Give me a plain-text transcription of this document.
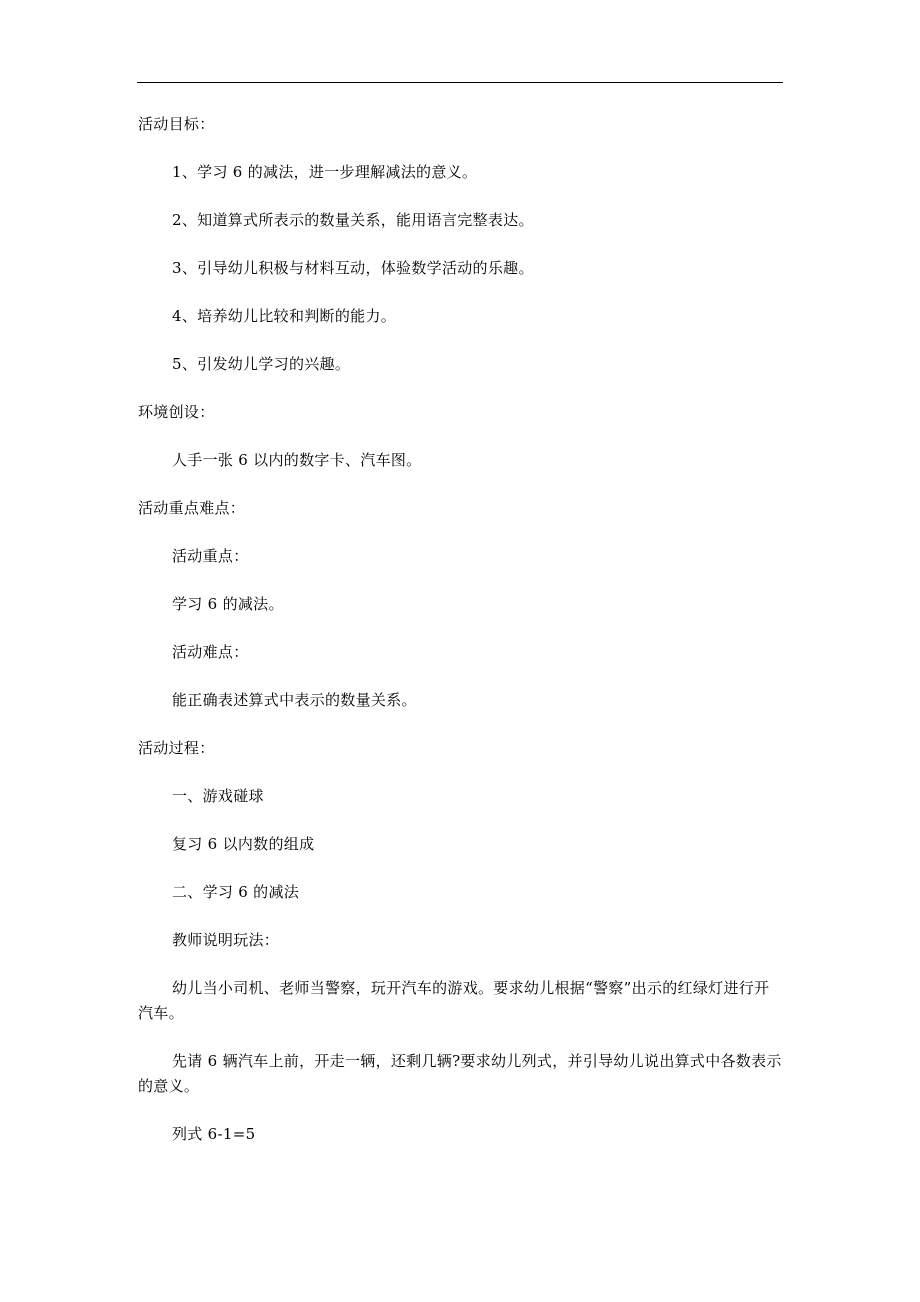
活动目标：

1、学习 6 的减法，进一步理解减法的意义。

2、知道算式所表示的数量关系，能用语言完整表达。

3、引导幼儿积极与材料互动，体验数学活动的乐趣。

4、培养幼儿比较和判断的能力。

5、引发幼儿学习的兴趣。

环境创设：

人手一张 6 以内的数字卡、汽车图。

活动重点难点：

活动重点：

学习 6 的减法。

活动难点：

能正确表述算式中表示的数量关系。

活动过程：

一、游戏碰球

复习 6 以内数的组成

二、学习 6 的减法

教师说明玩法：

幼儿当小司机、老师当警察，玩开汽车的游戏。要求幼儿根据“警察”出示的红绿灯进行开汽车。

先请 6 辆汽车上前，开走一辆，还剩几辆?要求幼儿列式，并引导幼儿说出算式中各数表示的意义。

列式 6-1=5
